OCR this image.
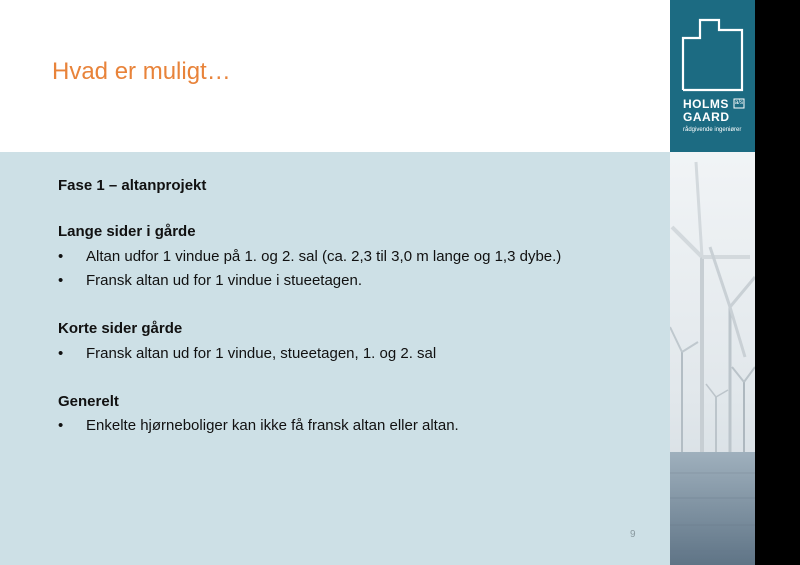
Hvad er muligt…
Fase 1 – altanprojekt
Lange sider i gårde
• Altan udfor 1 vindue på 1. og 2. sal (ca. 2,3 til 3,0 m lange og 1,3 dybe.)
• Fransk altan ud for 1 vindue i stueetagen.
Korte sider gårde
• Fransk altan ud for 1 vindue, stueetagen, 1. og 2. sal
Generelt
• Enkelte hjørneboliger kan ikke få fransk altan eller altan.
9
HOLMS a/s
GAARD
rådgivende ingeniører
